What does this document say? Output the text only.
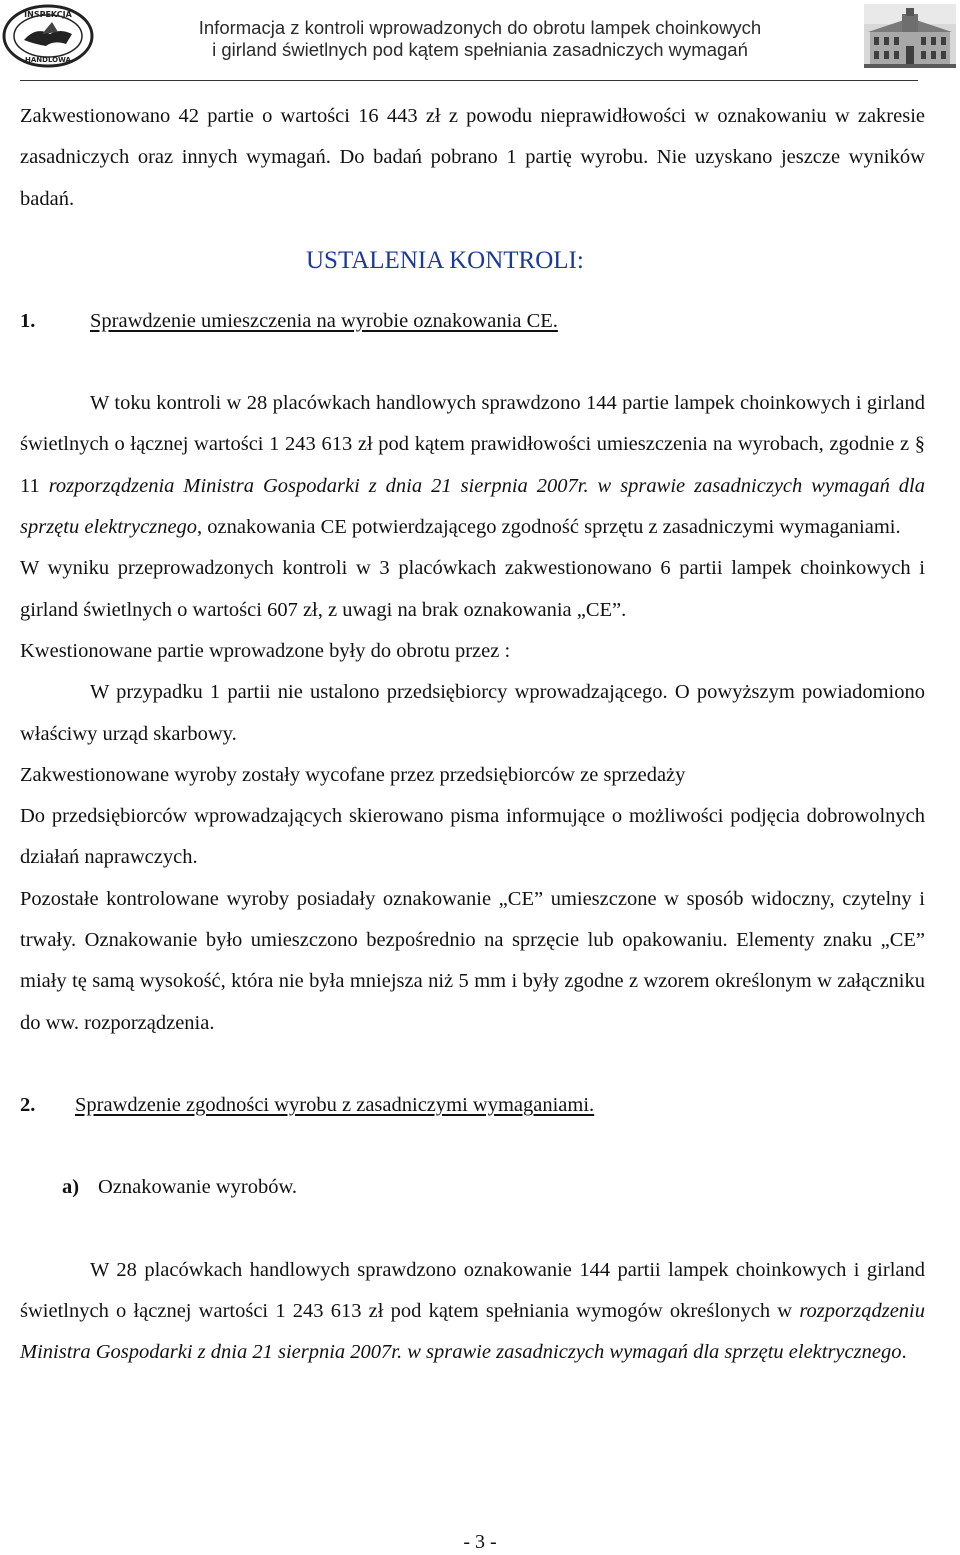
INSPEKCJA
HANDLOWA
Informacja z kontroli wprowadzonych do obrotu lampek choinkowych
i girland świetlnych pod kątem spełniania zasadniczych wymagań

Zakwestionowano 42 partie o wartości 16 443 zł z powodu nieprawidłowości w oznakowaniu w zakresie zasadniczych oraz innych wymagań. Do badań pobrano 1 partię wyrobu. Nie uzyskano jeszcze wyników badań.

USTALENIA KONTROLI:

1.	Sprawdzenie umieszczenia na wyrobie oznakowania CE.

W toku kontroli w 28 placówkach handlowych sprawdzono 144 partie lampek choinkowych i girland świetlnych o łącznej wartości 1 243 613 zł pod kątem prawidłowości umieszczenia na wyrobach, zgodnie z § 11 rozporządzenia Ministra Gospodarki z dnia 21 sierpnia 2007r. w sprawie zasadniczych wymagań dla sprzętu elektrycznego, oznakowania CE potwierdzającego zgodność sprzętu z zasadniczymi wymaganiami.

W wyniku przeprowadzonych kontroli w 3 placówkach zakwestionowano 6 partii lampek choinkowych i girland świetlnych o wartości 607 zł, z uwagi na brak oznakowania „CE”.

Kwestionowane partie wprowadzone były do obrotu przez :

W przypadku 1 partii nie ustalono przedsiębiorcy wprowadzającego. O powyższym powiadomiono właściwy urząd skarbowy.

Zakwestionowane wyroby zostały wycofane przez przedsiębiorców ze sprzedaży

Do przedsiębiorców wprowadzających skierowano pisma informujące o możliwości podjęcia dobrowolnych działań naprawczych.

Pozostałe kontrolowane wyroby posiadały oznakowanie „CE” umieszczone w sposób widoczny, czytelny i trwały. Oznakowanie było umieszczono bezpośrednio na sprzęcie lub opakowaniu. Elementy znaku „CE” miały tę samą wysokość, która nie była mniejsza niż 5 mm i były zgodne z wzorem określonym w załączniku do ww. rozporządzenia.

2.	Sprawdzenie zgodności wyrobu z zasadniczymi wymaganiami.

a) Oznakowanie wyrobów.

W 28 placówkach handlowych sprawdzono oznakowanie 144 partii lampek choinkowych i girland świetlnych o łącznej wartości 1 243 613 zł pod kątem spełniania wymogów określonych w rozporządzeniu Ministra Gospodarki z dnia 21 sierpnia 2007r. w sprawie zasadniczych wymagań dla sprzętu elektrycznego.

- 3 -
